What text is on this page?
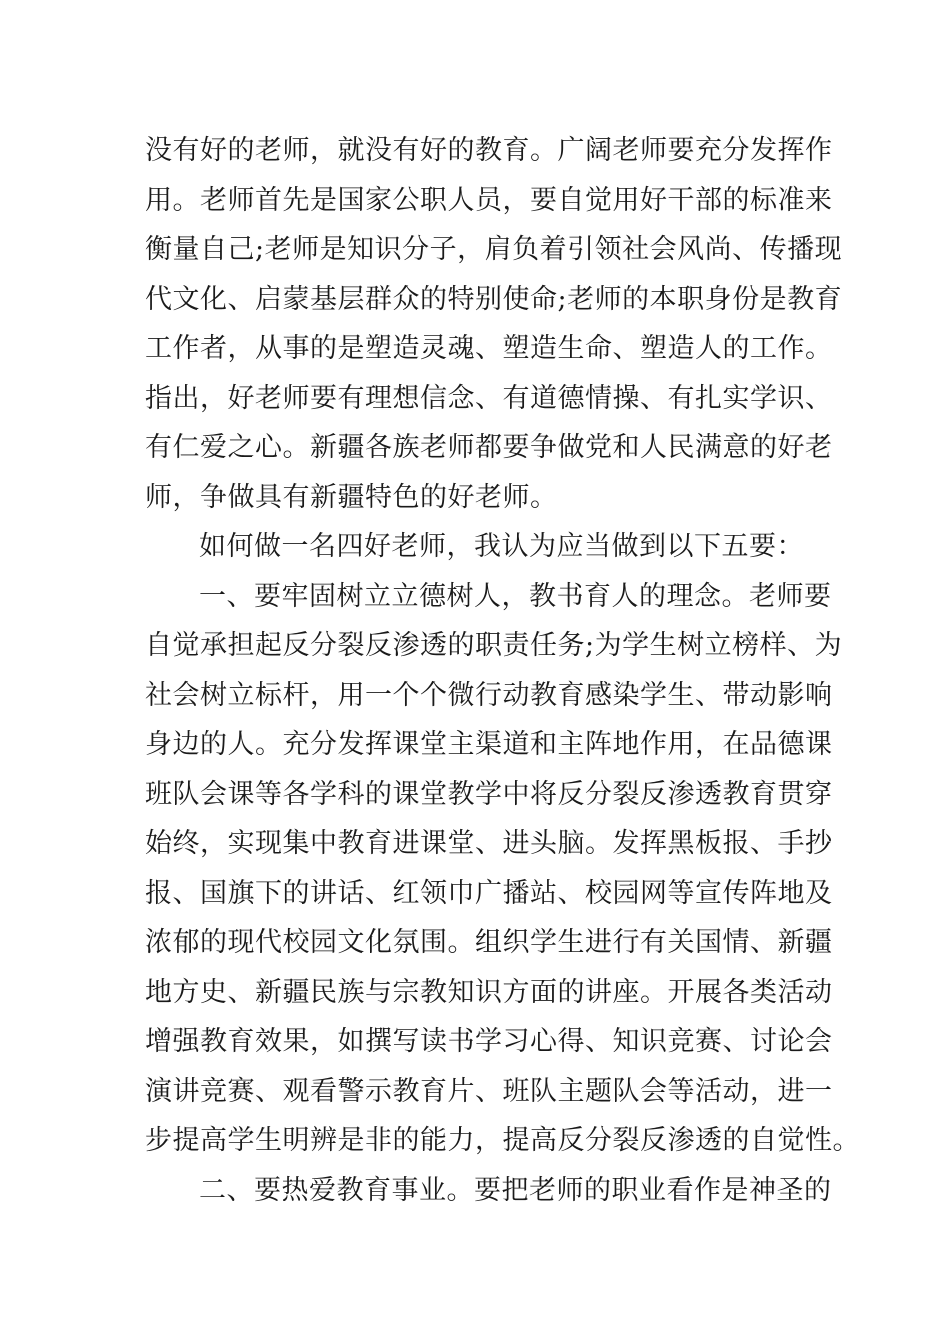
没有好的老师，就没有好的教育。广阔老师要充分发挥作
用。老师首先是国家公职人员，要自觉用好干部的标准来
衡量自己;老师是知识分子，肩负着引领社会风尚、传播现
代文化、启蒙基层群众的特别使命;老师的本职身份是教育
工作者，从事的是塑造灵魂、塑造生命、塑造人的工作。
指出，好老师要有理想信念、有道德情操、有扎实学识、
有仁爱之心。新疆各族老师都要争做党和人民满意的好老
师，争做具有新疆特色的好老师。
如何做一名四好老师，我认为应当做到以下五要：
一、要牢固树立立德树人，教书育人的理念。老师要
自觉承担起反分裂反渗透的职责任务;为学生树立榜样、为
社会树立标杆，用一个个微行动教育感染学生、带动影响
身边的人。充分发挥课堂主渠道和主阵地作用，在品德课
班队会课等各学科的课堂教学中将反分裂反渗透教育贯穿
始终，实现集中教育进课堂、进头脑。发挥黑板报、手抄
报、国旗下的讲话、红领巾广播站、校园网等宣传阵地及
浓郁的现代校园文化氛围。组织学生进行有关国情、新疆
地方史、新疆民族与宗教知识方面的讲座。开展各类活动
增强教育效果，如撰写读书学习心得、知识竞赛、讨论会
演讲竞赛、观看警示教育片、班队主题队会等活动，进一
步提高学生明辨是非的能力，提高反分裂反渗透的自觉性。
二、要热爱教育事业。要把老师的职业看作是神圣的
